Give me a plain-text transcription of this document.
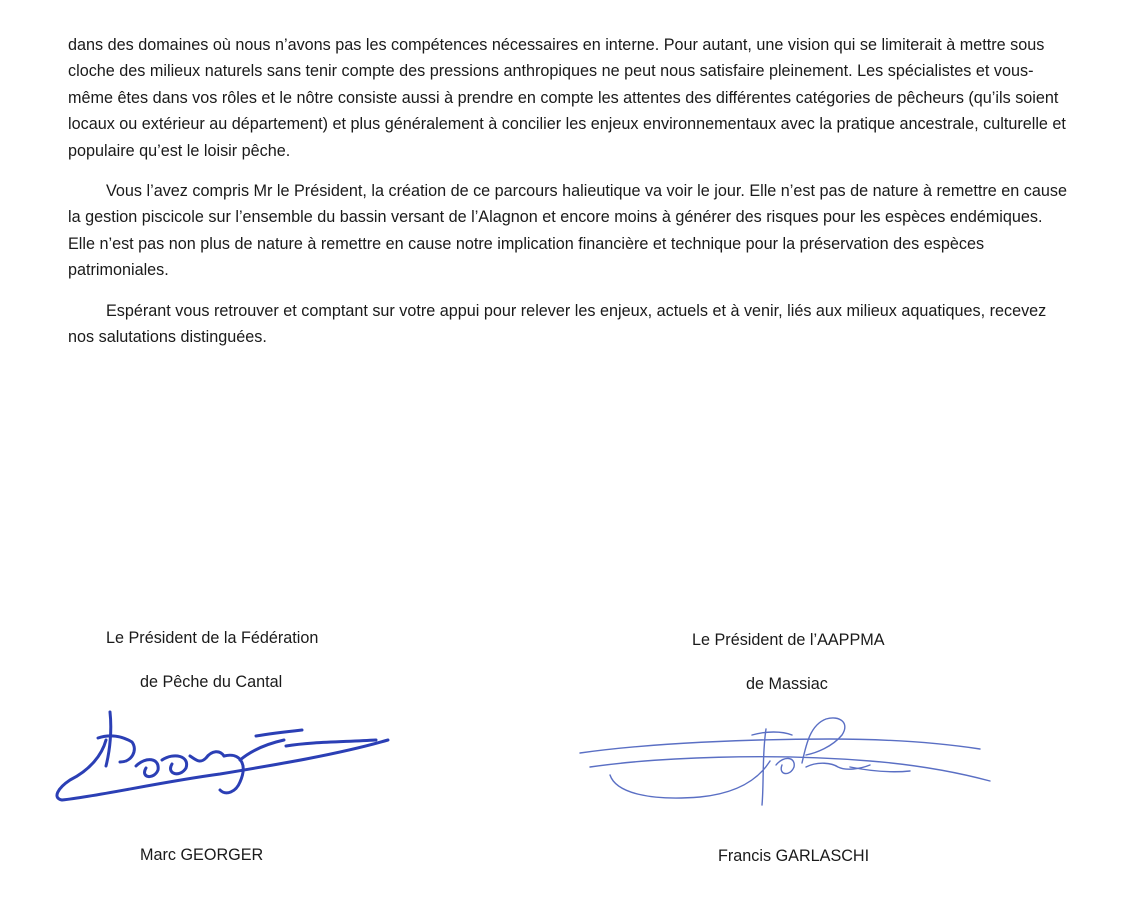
dans des domaines où nous n’avons pas les compétences nécessaires en interne. Pour autant, une vision qui se limiterait à mettre sous cloche des milieux naturels sans tenir compte des pressions anthropiques ne peut nous satisfaire pleinement. Les spécialistes et vous-même êtes dans vos rôles et le nôtre consiste aussi à prendre en compte les attentes des différentes catégories de pêcheurs (qu’ils soient locaux ou extérieur au département) et plus généralement à concilier les enjeux environnementaux avec la pratique ancestrale, culturelle et populaire qu’est le loisir pêche.

Vous l’avez compris Mr le Président, la création de ce parcours halieutique va voir le jour. Elle n’est pas de nature à remettre en cause la gestion piscicole sur l’ensemble du bassin versant de l’Alagnon et encore moins à générer des risques pour les espèces endémiques. Elle n’est pas non plus de nature à remettre en cause notre implication financière et technique pour la préservation des espèces patrimoniales.

Espérant vous retrouver et comptant sur votre appui pour relever les enjeux, actuels et à venir, liés aux milieux aquatiques, recevez nos salutations distinguées.

Le Président de la Fédération
de Pêche du Cantal
Le Président de l’AAPPMA
de Massiac
Marc GEORGER	Francis GARLASCHI
